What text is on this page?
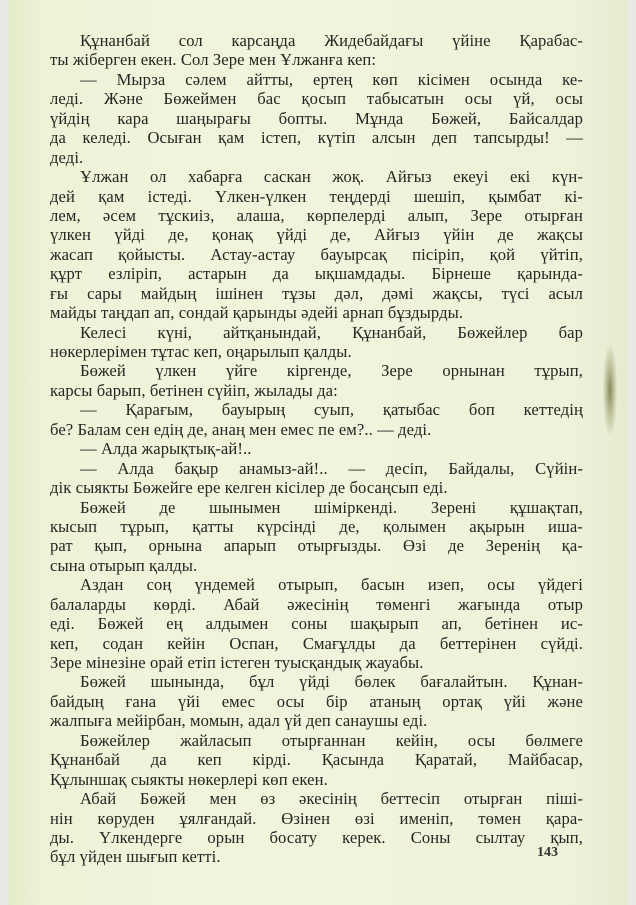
Құнанбай сол карсаңда Жидебайдағы үйіне Қарабас-
ты жіберген екен. Сол Зере мен Ұлжанға кеп:
— Мырза сәлем айтты, ертең көп кісімен осында ке-
леді. Және Бөжеймен бас қосып табысатын осы үй, осы
үйдің кара шаңырағы бопты. Мұнда Бөжей, Байсалдар
да келеді. Осыған қам істеп, күтіп алсын деп тапсырды! —
деді.
Ұлжан ол хабарға саскан жоқ. Айғыз екеуі екі күн-
дей қам істеді. Үлкен-үлкен теңдерді шешіп, қымбат кі-
лем, әсем тұскиіз, алаша, көрпелерді алып, Зере отырған
үлкен үйді де, қонақ үйді де, Айғыз үйін де жақсы
жасап қойысты. Астау-астау бауырсақ пісіріп, қой үйтіп,
құрт езліріп, астарын да ықшамдады. Бірнеше қарында-
ғы сары майдың ішінен тұзы дәл, дәмі жақсы, түсі асыл
майды таңдап ап, сондай қарынды әдейі арнап бұздырды.
Келесі күні, айтқанындай, Құнанбай, Бөжейлер бар
нөкерлерімен тұтас кеп, оңарылып қалды.
Бөжей үлкен үйге кіргенде, Зере орнынан тұрып,
карсы барып, бетінен сүйіп, жылады да:
— Қарағым, бауырың суып, қатыбас боп кеттедің
бе? Балам сен едің де, анаң мен емес пе ем?.. — деді.
— Алда жарықтық-ай!..
— Алда бақыр анамыз-ай!.. — десіп, Байдалы, Сүйін-
дік сыякты Бөжейге ере келген кісілер де босаңсып еді.
Бөжей де шынымен шіміркенді. Зерені құшақтап,
кысып тұрып, қатты күрсінді де, қолымен ақырын иша-
рат қып, орнына апарып отырғызды. Өзі де Зеренің қа-
сына отырып қалды.
Аздан соң үндемей отырып, басын изеп, осы үйдегі
балаларды көрді. Абай әжесінің төменгі жағында отыр
еді. Бөжей ең алдымен соны шақырып ап, бетінен ис-
кеп, содан кейін Оспан, Смағұлды да беттерінен сүйді.
Зере мінезіне орай етіп істеген туысқандық жауабы.
Бөжей шынында, бұл үйді бөлек бағалайтын. Құнан-
байдың ғана үйі емес осы бір атаның ортақ үйі және
жалпыға мейірбан, момын, адал үй деп санаушы еді.
Бөжейлер жайласып отырғаннан кейін, осы бөлмеге
Құнанбай да кеп кірді. Қасында Қаратай, Майбасар,
Құлыншақ сыякты нөкерлері көп екен.
Абай Бөжей мен өз әкесінің беттесіп отырған пішi-
нін көруден ұялғандай. Өзінен өзі именіп, төмен қара-
ды. Үлкендерге орын босату керек. Соны сылтау қып,
бұл үйден шығып кетті.	143
